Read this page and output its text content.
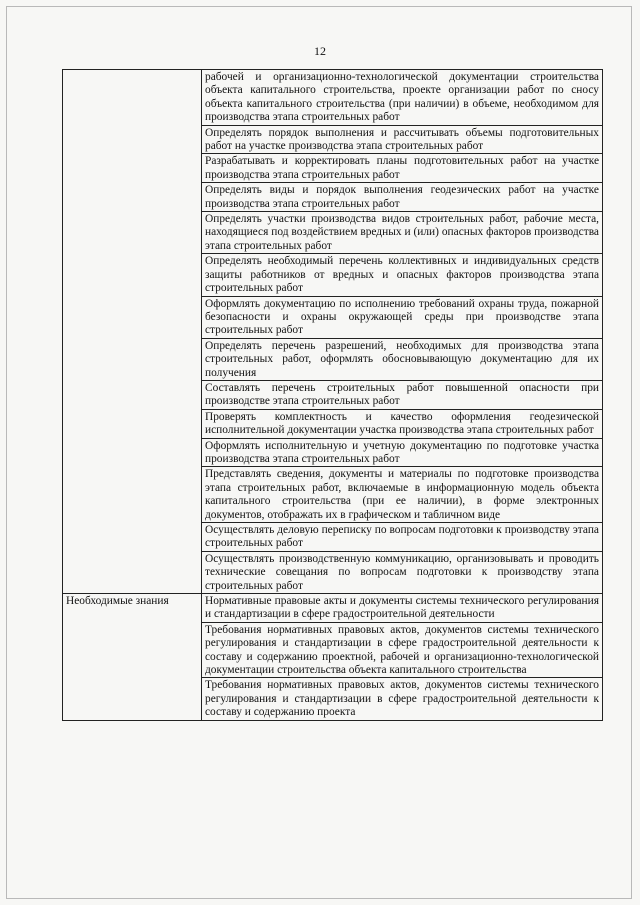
12

	рабочей и организационно-технологической документации строительства объекта капитального строительства, проекте организации работ по сносу объекта капитального строительства (при наличии) в объеме, необходимом для производства этапа строительных работ

	Определять порядок выполнения и рассчитывать объемы подготовительных работ на участке производства этапа строительных работ

	Разрабатывать и корректировать планы подготовительных работ на участке производства этапа строительных работ

	Определять виды и порядок выполнения геодезических работ на участке производства этапа строительных работ

	Определять участки производства видов строительных работ, рабочие места, находящиеся под воздействием вредных и (или) опасных факторов производства этапа строительных работ

	Определять необходимый перечень коллективных и индивидуальных средств защиты работников от вредных и опасных факторов производства этапа строительных работ

	Оформлять документацию по исполнению требований охраны труда, пожарной безопасности и охраны окружающей среды при производстве этапа строительных работ

	Определять перечень разрешений, необходимых для производства этапа строительных работ, оформлять обосновывающую документацию для их получения

	Составлять перечень строительных работ повышенной опасности при производстве этапа строительных работ

	Проверять комплектность и качество оформления геодезической исполнительной документации участка производства этапа строительных работ

	Оформлять исполнительную и учетную документацию по подготовке участка производства этапа строительных работ

	Представлять сведения, документы и материалы по подготовке производства этапа строительных работ, включаемые в информационную модель объекта капитального строительства (при ее наличии), в форме электронных документов, отображать их в графическом и табличном виде

	Осуществлять деловую переписку по вопросам подготовки к производству этапа строительных работ

	Осуществлять производственную коммуникацию, организовывать и проводить технические совещания по вопросам подготовки к производству этапа строительных работ

Необходимые знания	Нормативные правовые акты и документы системы технического регулирования и стандартизации в сфере градостроительной деятельности

	Требования нормативных правовых актов, документов системы технического регулирования и стандартизации в сфере градостроительной деятельности к составу и содержанию проектной, рабочей и организационно-технологической документации строительства объекта капитального строительства

	Требования нормативных правовых актов, документов системы технического регулирования и стандартизации в сфере градостроительной деятельности к составу и содержанию проекта
